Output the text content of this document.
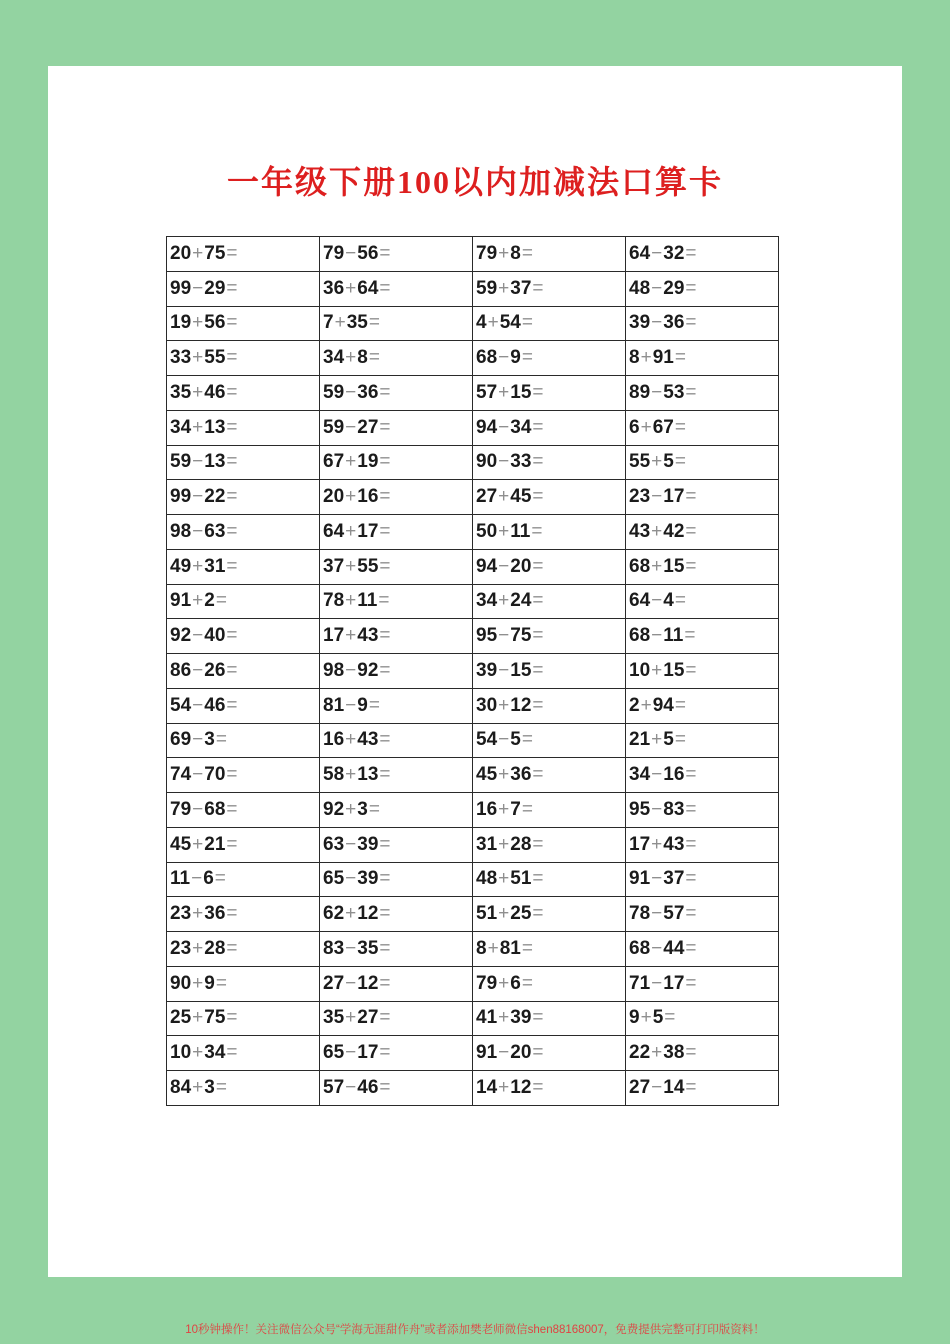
一年级下册100以内加减法口算卡
20+75=	79−56=	79+8=	64−32=
99−29=	36+64=	59+37=	48−29=
19+56=	7+35=	4+54=	39−36=
33+55=	34+8=	68−9=	8+91=
35+46=	59−36=	57+15=	89−53=
34+13=	59−27=	94−34=	6+67=
59−13=	67+19=	90−33=	55+5=
99−22=	20+16=	27+45=	23−17=
98−63=	64+17=	50+11=	43+42=
49+31=	37+55=	94−20=	68+15=
91+2=	78+11=	34+24=	64−4=
92−40=	17+43=	95−75=	68−11=
86−26=	98−92=	39−15=	10+15=
54−46=	81−9=	30+12=	2+94=
69−3=	16+43=	54−5=	21+5=
74−70=	58+13=	45+36=	34−16=
79−68=	92+3=	16+7=	95−83=
45+21=	63−39=	31+28=	17+43=
11−6=	65−39=	48+51=	91−37=
23+36=	62+12=	51+25=	78−57=
23+28=	83−35=	8+81=	68−44=
90+9=	27−12=	79+6=	71−17=
25+75=	35+27=	41+39=	9+5=
10+34=	65−17=	91−20=	22+38=
84+3=	57−46=	14+12=	27−14=
10秒钟操作！关注微信公众号“学海无涯甜作舟”或者添加樊老师微信shen88168007，免费提供完整可打印版资料！
